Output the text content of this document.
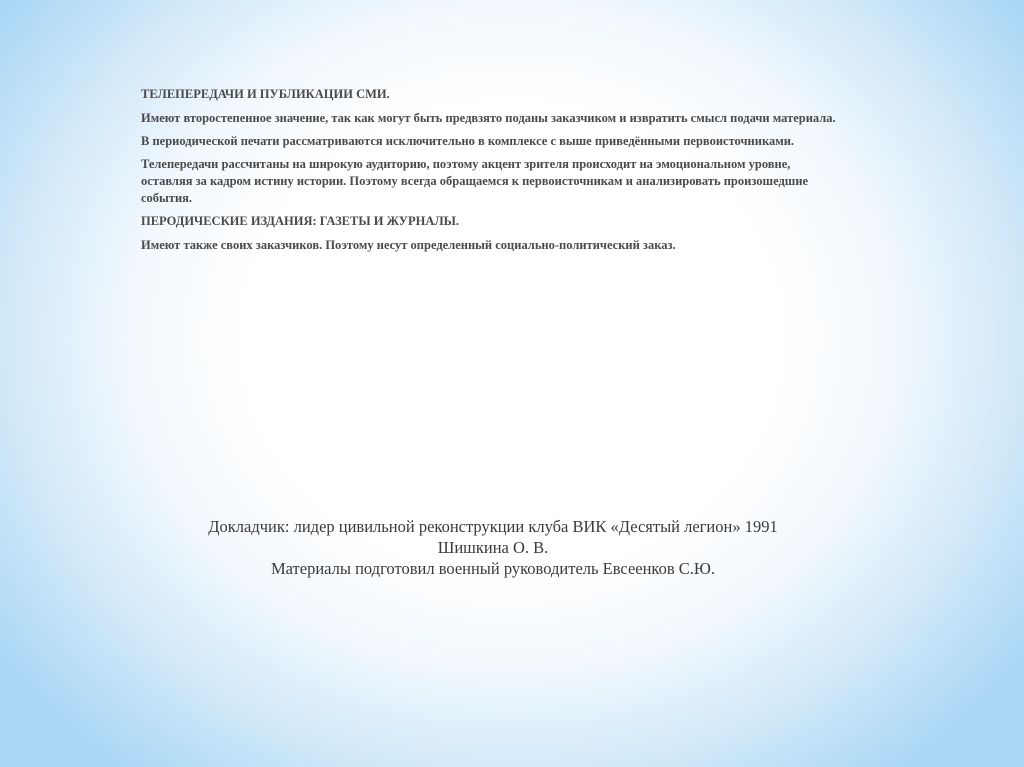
ТЕЛЕПЕРЕДАЧИ И ПУБЛИКАЦИИ СМИ.

Имеют второстепенное значение, так как могут быть предвзято поданы заказчиком и извратить смысл подачи материала.

В периодической печати рассматриваются исключительно в комплексе с выше приведёнными первоисточниками.

Телепередачи рассчитаны на широкую аудиторию, поэтому акцент зрителя происходит на эмоциональном уровне, оставляя за кадром истину истории. Поэтому всегда обращаемся к первоисточникам и анализировать произошедшие события.

ПЕРОДИЧЕСКИЕ ИЗДАНИЯ: ГАЗЕТЫ И ЖУРНАЛЫ.

Имеют также своих заказчиков. Поэтому несут определенный социально-политический заказ.

Докладчик: лидер цивильной реконструкции клуба ВИК «Десятый легион» 1991
Шишкина О. В.
Материалы подготовил военный руководитель Евсеенков С.Ю.
